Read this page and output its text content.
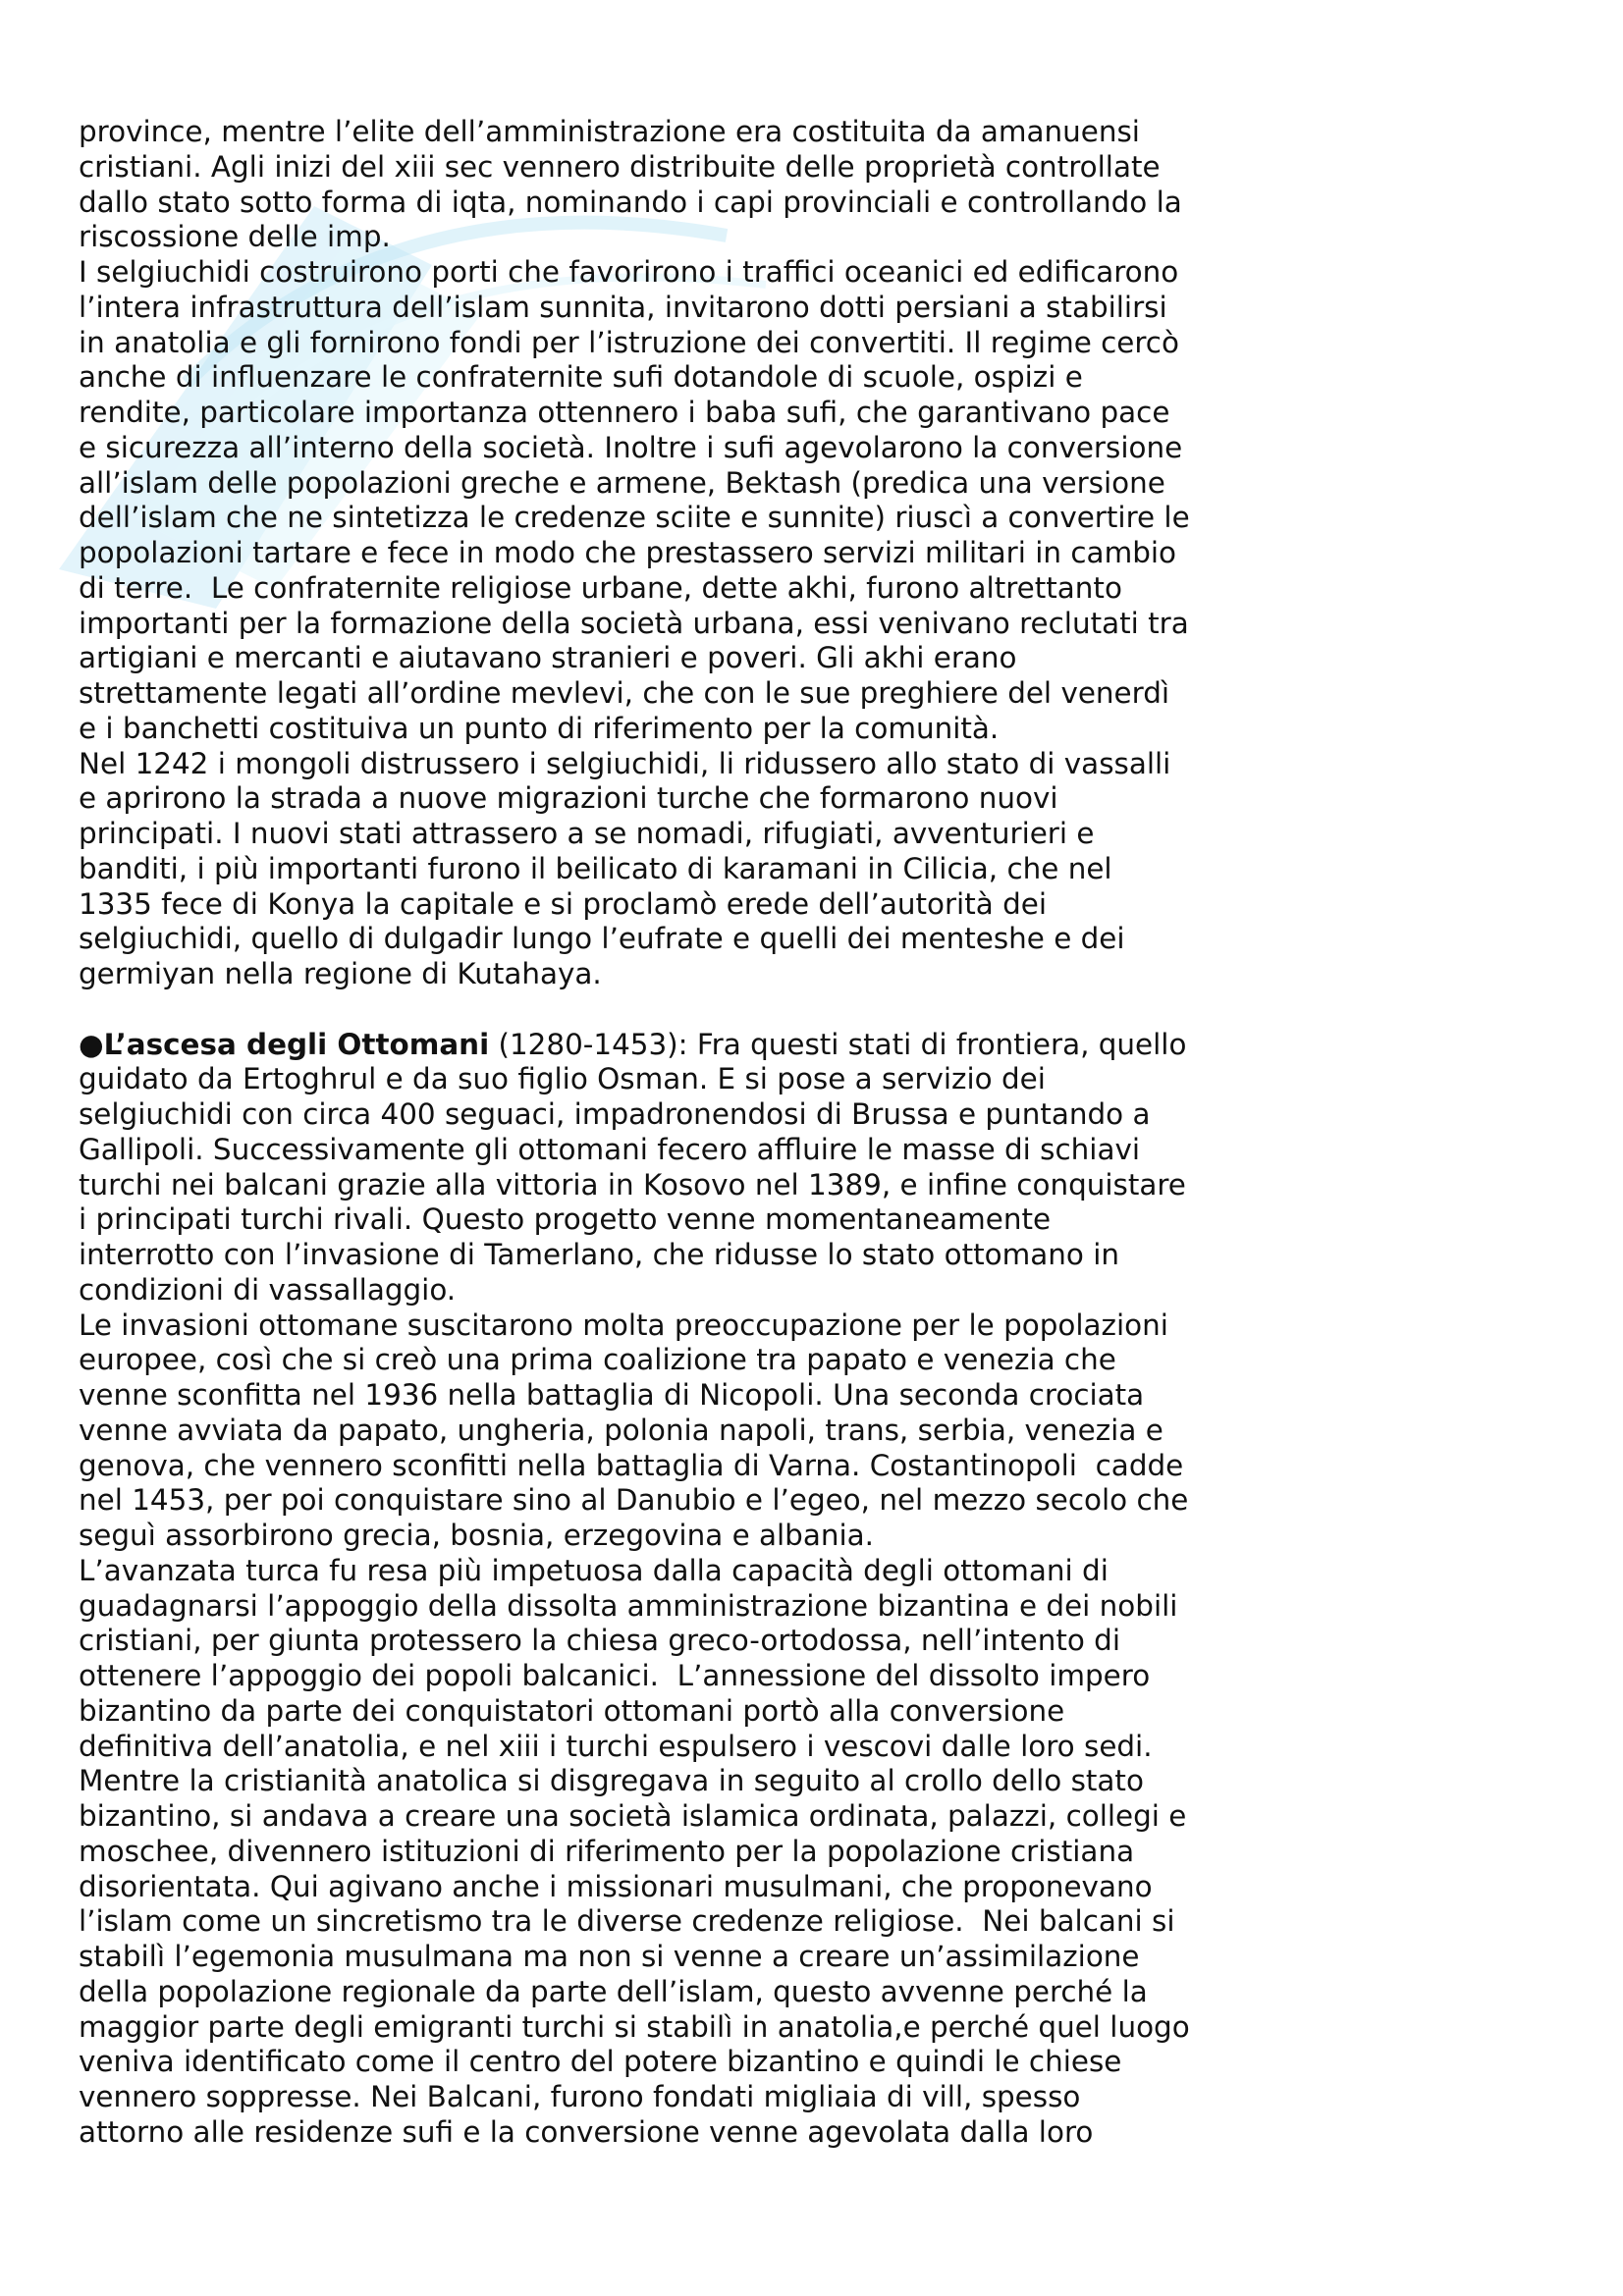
province, mentre l’elite dell’amministrazione era costituita da amanuensi
cristiani. Agli inizi del xiii sec vennero distribuite delle proprietà controllate
dallo stato sotto forma di iqta, nominando i capi provinciali e controllando la
riscossione delle imp.
I selgiuchidi costruirono porti che favorirono i traffici oceanici ed edificarono
l’intera infrastruttura dell’islam sunnita, invitarono dotti persiani a stabilirsi
in anatolia e gli fornirono fondi per l’istruzione dei convertiti. Il regime cercò
anche di influenzare le confraternite sufi dotandole di scuole, ospizi e
rendite, particolare importanza ottennero i baba sufi, che garantivano pace
e sicurezza all’interno della società. Inoltre i sufi agevolarono la conversione
all’islam delle popolazioni greche e armene, Bektash (predica una versione
dell’islam che ne sintetizza le credenze sciite e sunnite) riuscì a convertire le
popolazioni tartare e fece in modo che prestassero servizi militari in cambio
di terre.  Le confraternite religiose urbane, dette akhi, furono altrettanto
importanti per la formazione della società urbana, essi venivano reclutati tra
artigiani e mercanti e aiutavano stranieri e poveri. Gli akhi erano
strettamente legati all’ordine mevlevi, che con le sue preghiere del venerdì
e i banchetti costituiva un punto di riferimento per la comunità.
Nel 1242 i mongoli distrussero i selgiuchidi, li ridussero allo stato di vassalli
e aprirono la strada a nuove migrazioni turche che formarono nuovi
principati. I nuovi stati attrassero a se nomadi, rifugiati, avventurieri e
banditi, i più importanti furono il beilicato di karamani in Cilicia, che nel
1335 fece di Konya la capitale e si proclamò erede dell’autorità dei
selgiuchidi, quello di dulgadir lungo l’eufrate e quelli dei menteshe e dei
germiyan nella regione di Kutahaya.
●L’ascesa degli Ottomani (1280-1453): Fra questi stati di frontiera, quello
guidato da Ertoghrul e da suo figlio Osman. E si pose a servizio dei
selgiuchidi con circa 400 seguaci, impadronendosi di Brussa e puntando a
Gallipoli. Successivamente gli ottomani fecero affluire le masse di schiavi
turchi nei balcani grazie alla vittoria in Kosovo nel 1389, e infine conquistare
i principati turchi rivali. Questo progetto venne momentaneamente
interrotto con l’invasione di Tamerlano, che ridusse lo stato ottomano in
condizioni di vassallaggio.
Le invasioni ottomane suscitarono molta preoccupazione per le popolazioni
europee, così che si creò una prima coalizione tra papato e venezia che
venne sconfitta nel 1936 nella battaglia di Nicopoli. Una seconda crociata
venne avviata da papato, ungheria, polonia napoli, trans, serbia, venezia e
genova, che vennero sconfitti nella battaglia di Varna. Costantinopoli  cadde
nel 1453, per poi conquistare sino al Danubio e l’egeo, nel mezzo secolo che
seguì assorbirono grecia, bosnia, erzegovina e albania.
L’avanzata turca fu resa più impetuosa dalla capacità degli ottomani di
guadagnarsi l’appoggio della dissolta amministrazione bizantina e dei nobili
cristiani, per giunta protessero la chiesa greco-ortodossa, nell’intento di
ottenere l’appoggio dei popoli balcanici.  L’annessione del dissolto impero
bizantino da parte dei conquistatori ottomani portò alla conversione
definitiva dell’anatolia, e nel xiii i turchi espulsero i vescovi dalle loro sedi.
Mentre la cristianità anatolica si disgregava in seguito al crollo dello stato
bizantino, si andava a creare una società islamica ordinata, palazzi, collegi e
moschee, divennero istituzioni di riferimento per la popolazione cristiana
disorientata. Qui agivano anche i missionari musulmani, che proponevano
l’islam come un sincretismo tra le diverse credenze religiose.  Nei balcani si
stabilì l’egemonia musulmana ma non si venne a creare un’assimilazione
della popolazione regionale da parte dell’islam, questo avvenne perché la
maggior parte degli emigranti turchi si stabilì in anatolia,e perché quel luogo
veniva identificato come il centro del potere bizantino e quindi le chiese
vennero soppresse. Nei Balcani, furono fondati migliaia di vill, spesso
attorno alle residenze sufi e la conversione venne agevolata dalla loro
